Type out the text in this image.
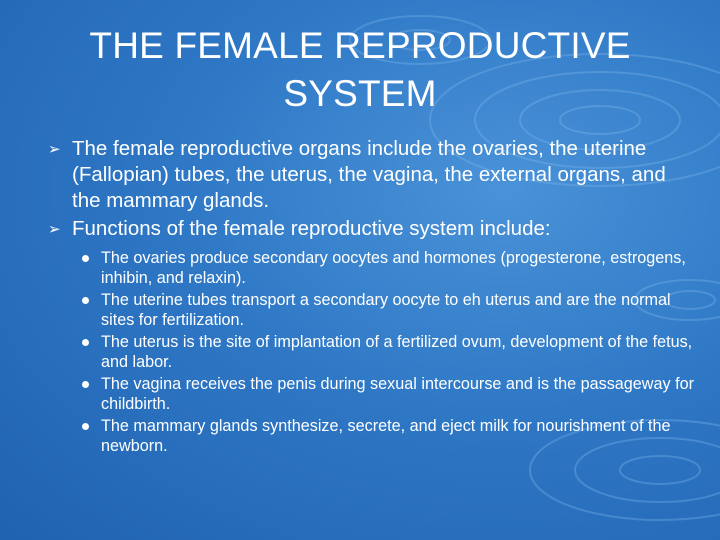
THE FEMALE REPRODUCTIVE
SYSTEM
➢ The female reproductive organs include the ovaries, the uterine (Fallopian) tubes, the uterus, the vagina, the external organs, and the mammary glands.
➢ Functions of the female reproductive system include:
The ovaries produce secondary oocytes and hormones (progesterone, estrogens, inhibin, and relaxin).
The uterine tubes transport a secondary oocyte to eh uterus and are the normal sites for fertilization.
The uterus is the site of implantation of a fertilized ovum, development of the fetus, and labor.
The vagina receives the penis during sexual intercourse and is the passageway for childbirth.
The mammary glands synthesize, secrete, and eject milk for nourishment of the newborn.
